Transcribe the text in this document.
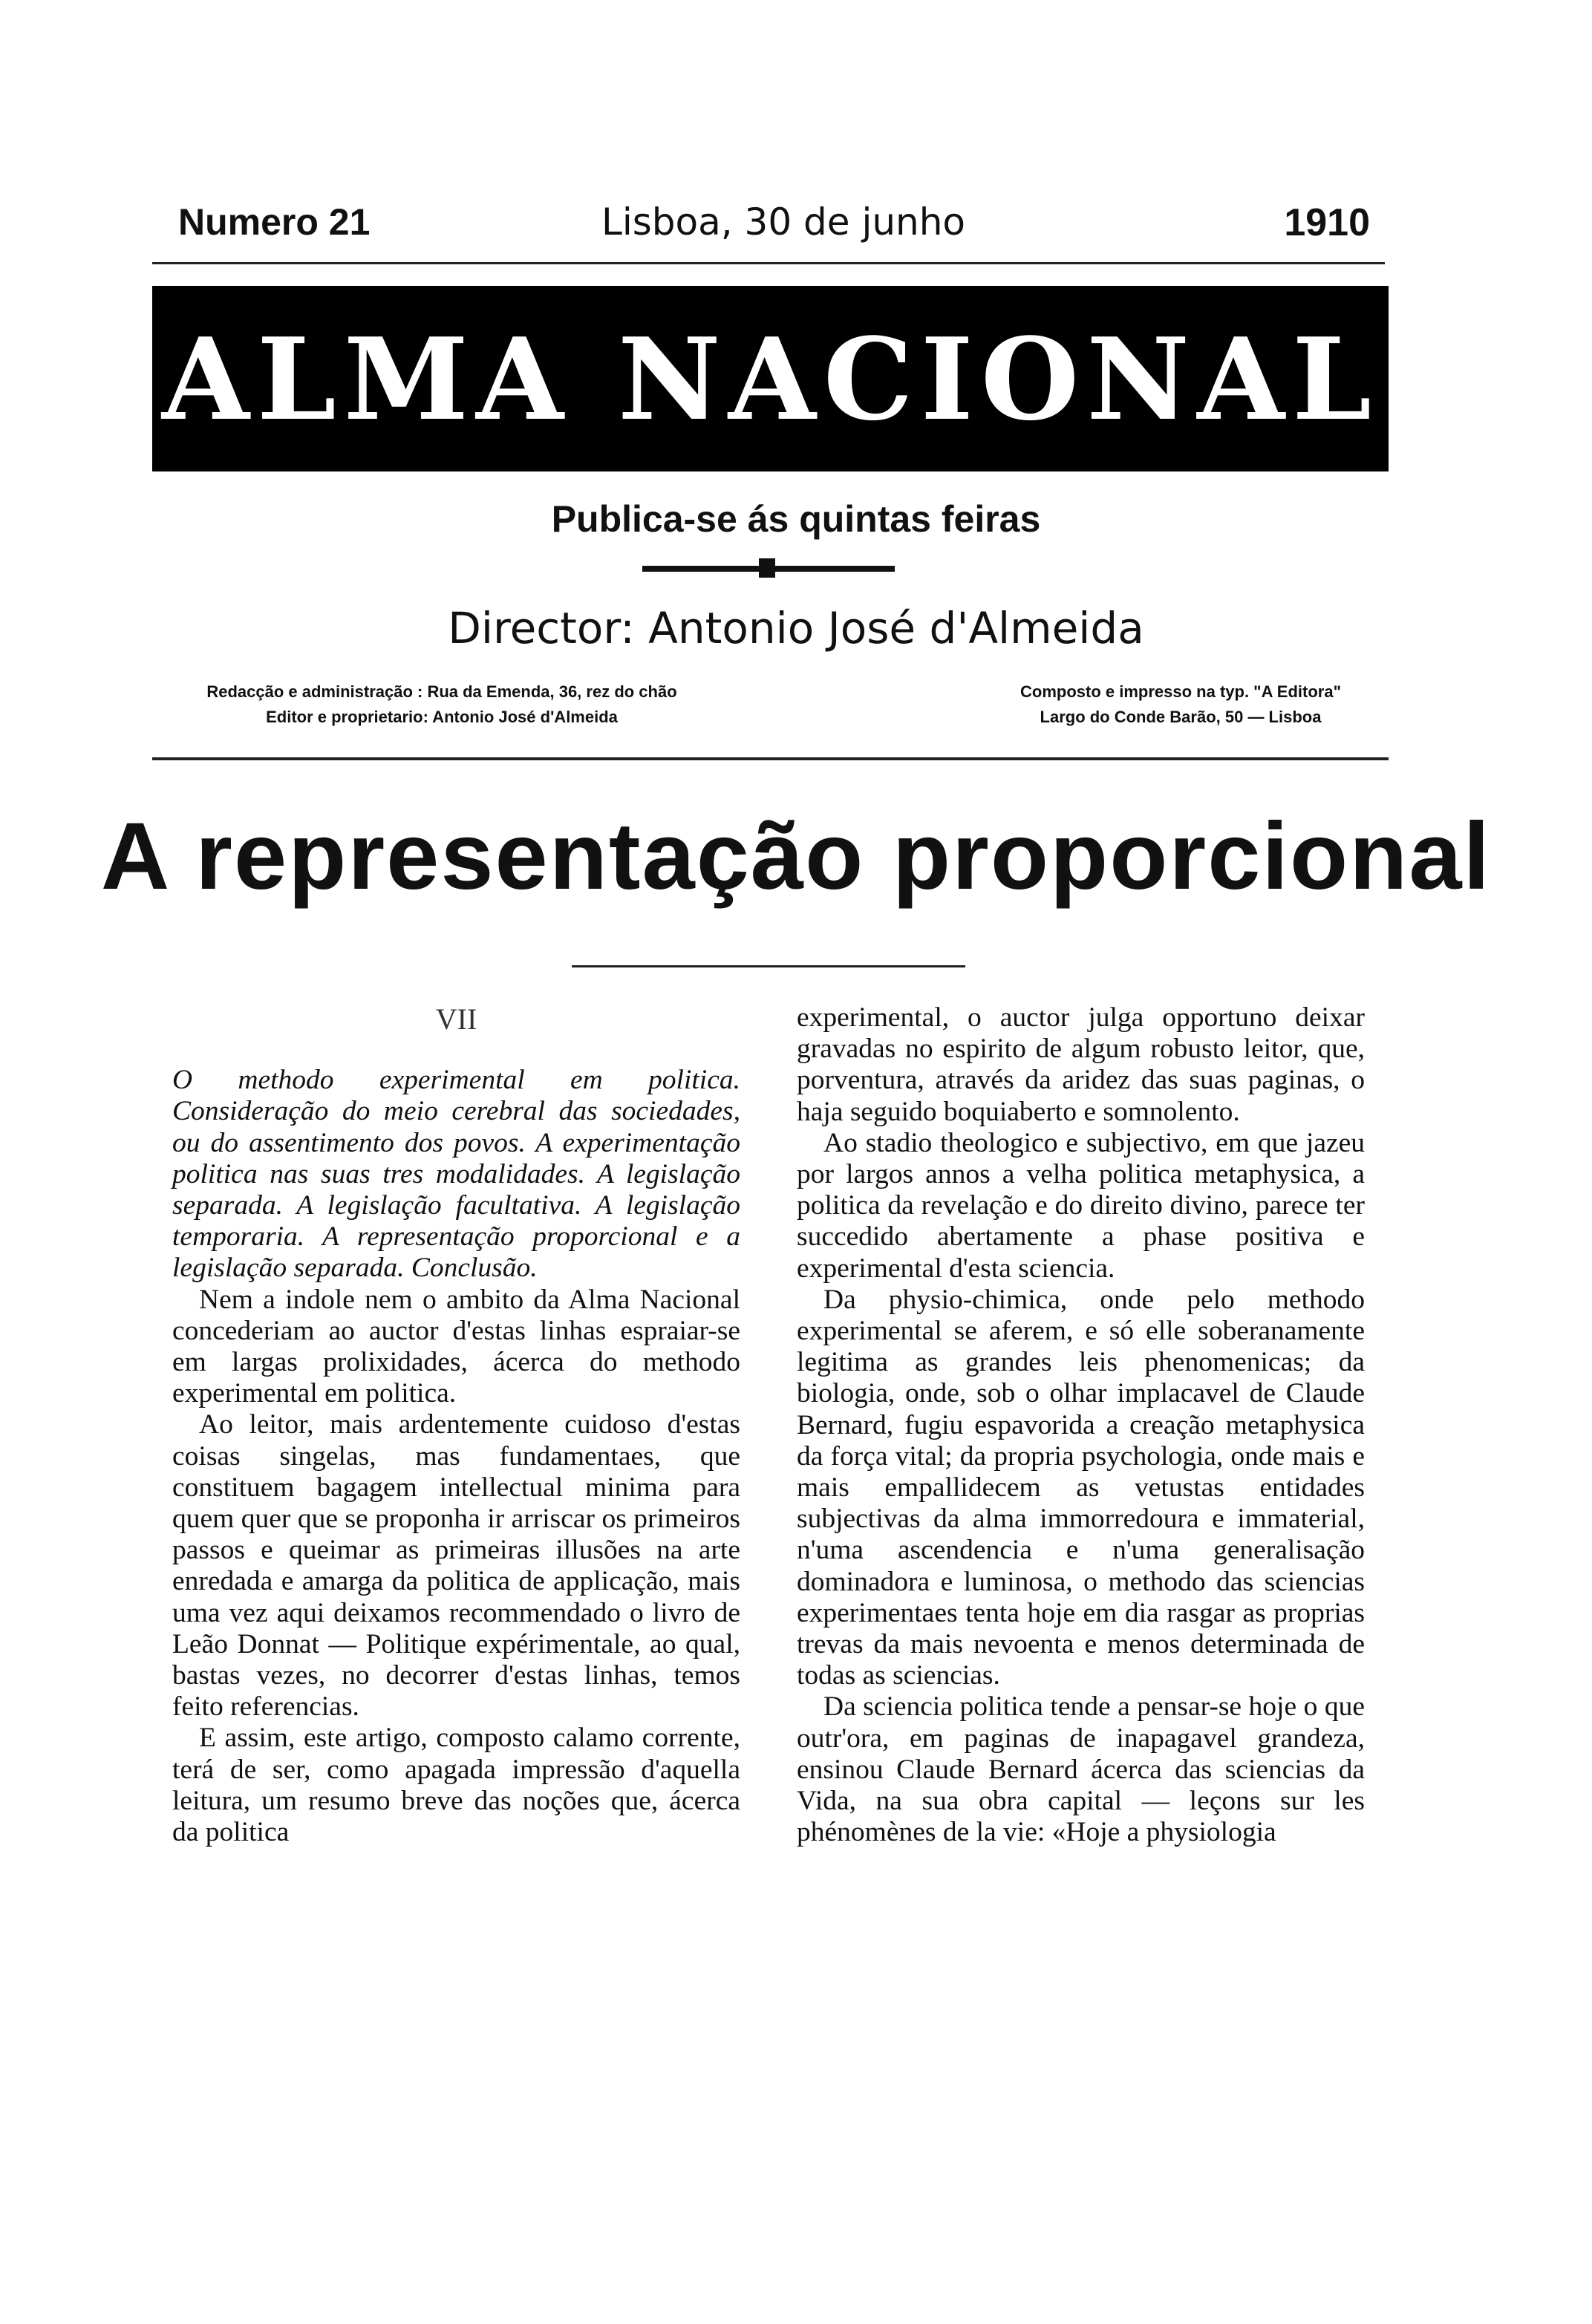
Numero 21	Lisboa, 30 de junho	1910
ALMA NACIONAL
Publica-se ás quintas feiras
Director: Antonio José d'Almeida
Redacção e administração : Rua da Emenda, 36, rez do chão
Editor e proprietario: Antonio José d'Almeida
Composto e impresso na typ. "A Editora"
Largo do Conde Barão, 50 — Lisboa
A representação proporcional
VII

O methodo experimental em politica. Consideração do meio cerebral das sociedades, ou do assentimento dos povos. A experimentação politica nas suas tres modalidades. A legislação separada. A legislação facultativa. A legislação temporaria. A representação proporcional e a legislação separada. Conclusão.

Nem a indole nem o ambito da Alma Nacional concederiam ao auctor d'estas linhas espraiar-se em largas prolixidades, ácerca do methodo experimental em politica.

Ao leitor, mais ardentemente cuidoso d'estas coisas singelas, mas fundamentaes, que constituem bagagem intellectual minima para quem quer que se proponha ir arriscar os primeiros passos e queimar as primeiras illusões na arte enredada e amarga da politica de applicação, mais uma vez aqui deixamos recommendado o livro de Leão Donnat — Politique expérimentale, ao qual, bastas vezes, no decorrer d'estas linhas, temos feito referencias.

E assim, este artigo, composto calamo corrente, terá de ser, como apagada impressão d'aquella leitura, um resumo breve das noções que, ácerca da politica

experimental, o auctor julga opportuno deixar gravadas no espirito de algum robusto leitor, que, porventura, através da aridez das suas paginas, o haja seguido boquiaberto e somnolento.

Ao stadio theologico e subjectivo, em que jazeu por largos annos a velha politica metaphysica, a politica da revelação e do direito divino, parece ter succedido abertamente a phase positiva e experimental d'esta sciencia.

Da physio-chimica, onde pelo methodo experimental se aferem, e só elle soberanamente legitima as grandes leis phenomenicas; da biologia, onde, sob o olhar implacavel de Claude Bernard, fugiu espavorida a creação metaphysica da força vital; da propria psychologia, onde mais e mais empallidecem as vetustas entidades subjectivas da alma immorredoura e immaterial, n'uma ascendencia e n'uma generalisação dominadora e luminosa, o methodo das sciencias experimentaes tenta hoje em dia rasgar as proprias trevas da mais nevoenta e menos determinada de todas as sciencias.

Da sciencia politica tende a pensar-se hoje o que outr'ora, em paginas de inapagavel grandeza, ensinou Claude Bernard ácerca das sciencias da Vida, na sua obra capital — leçons sur les phénomènes de la vie: «Hoje a physiologia
